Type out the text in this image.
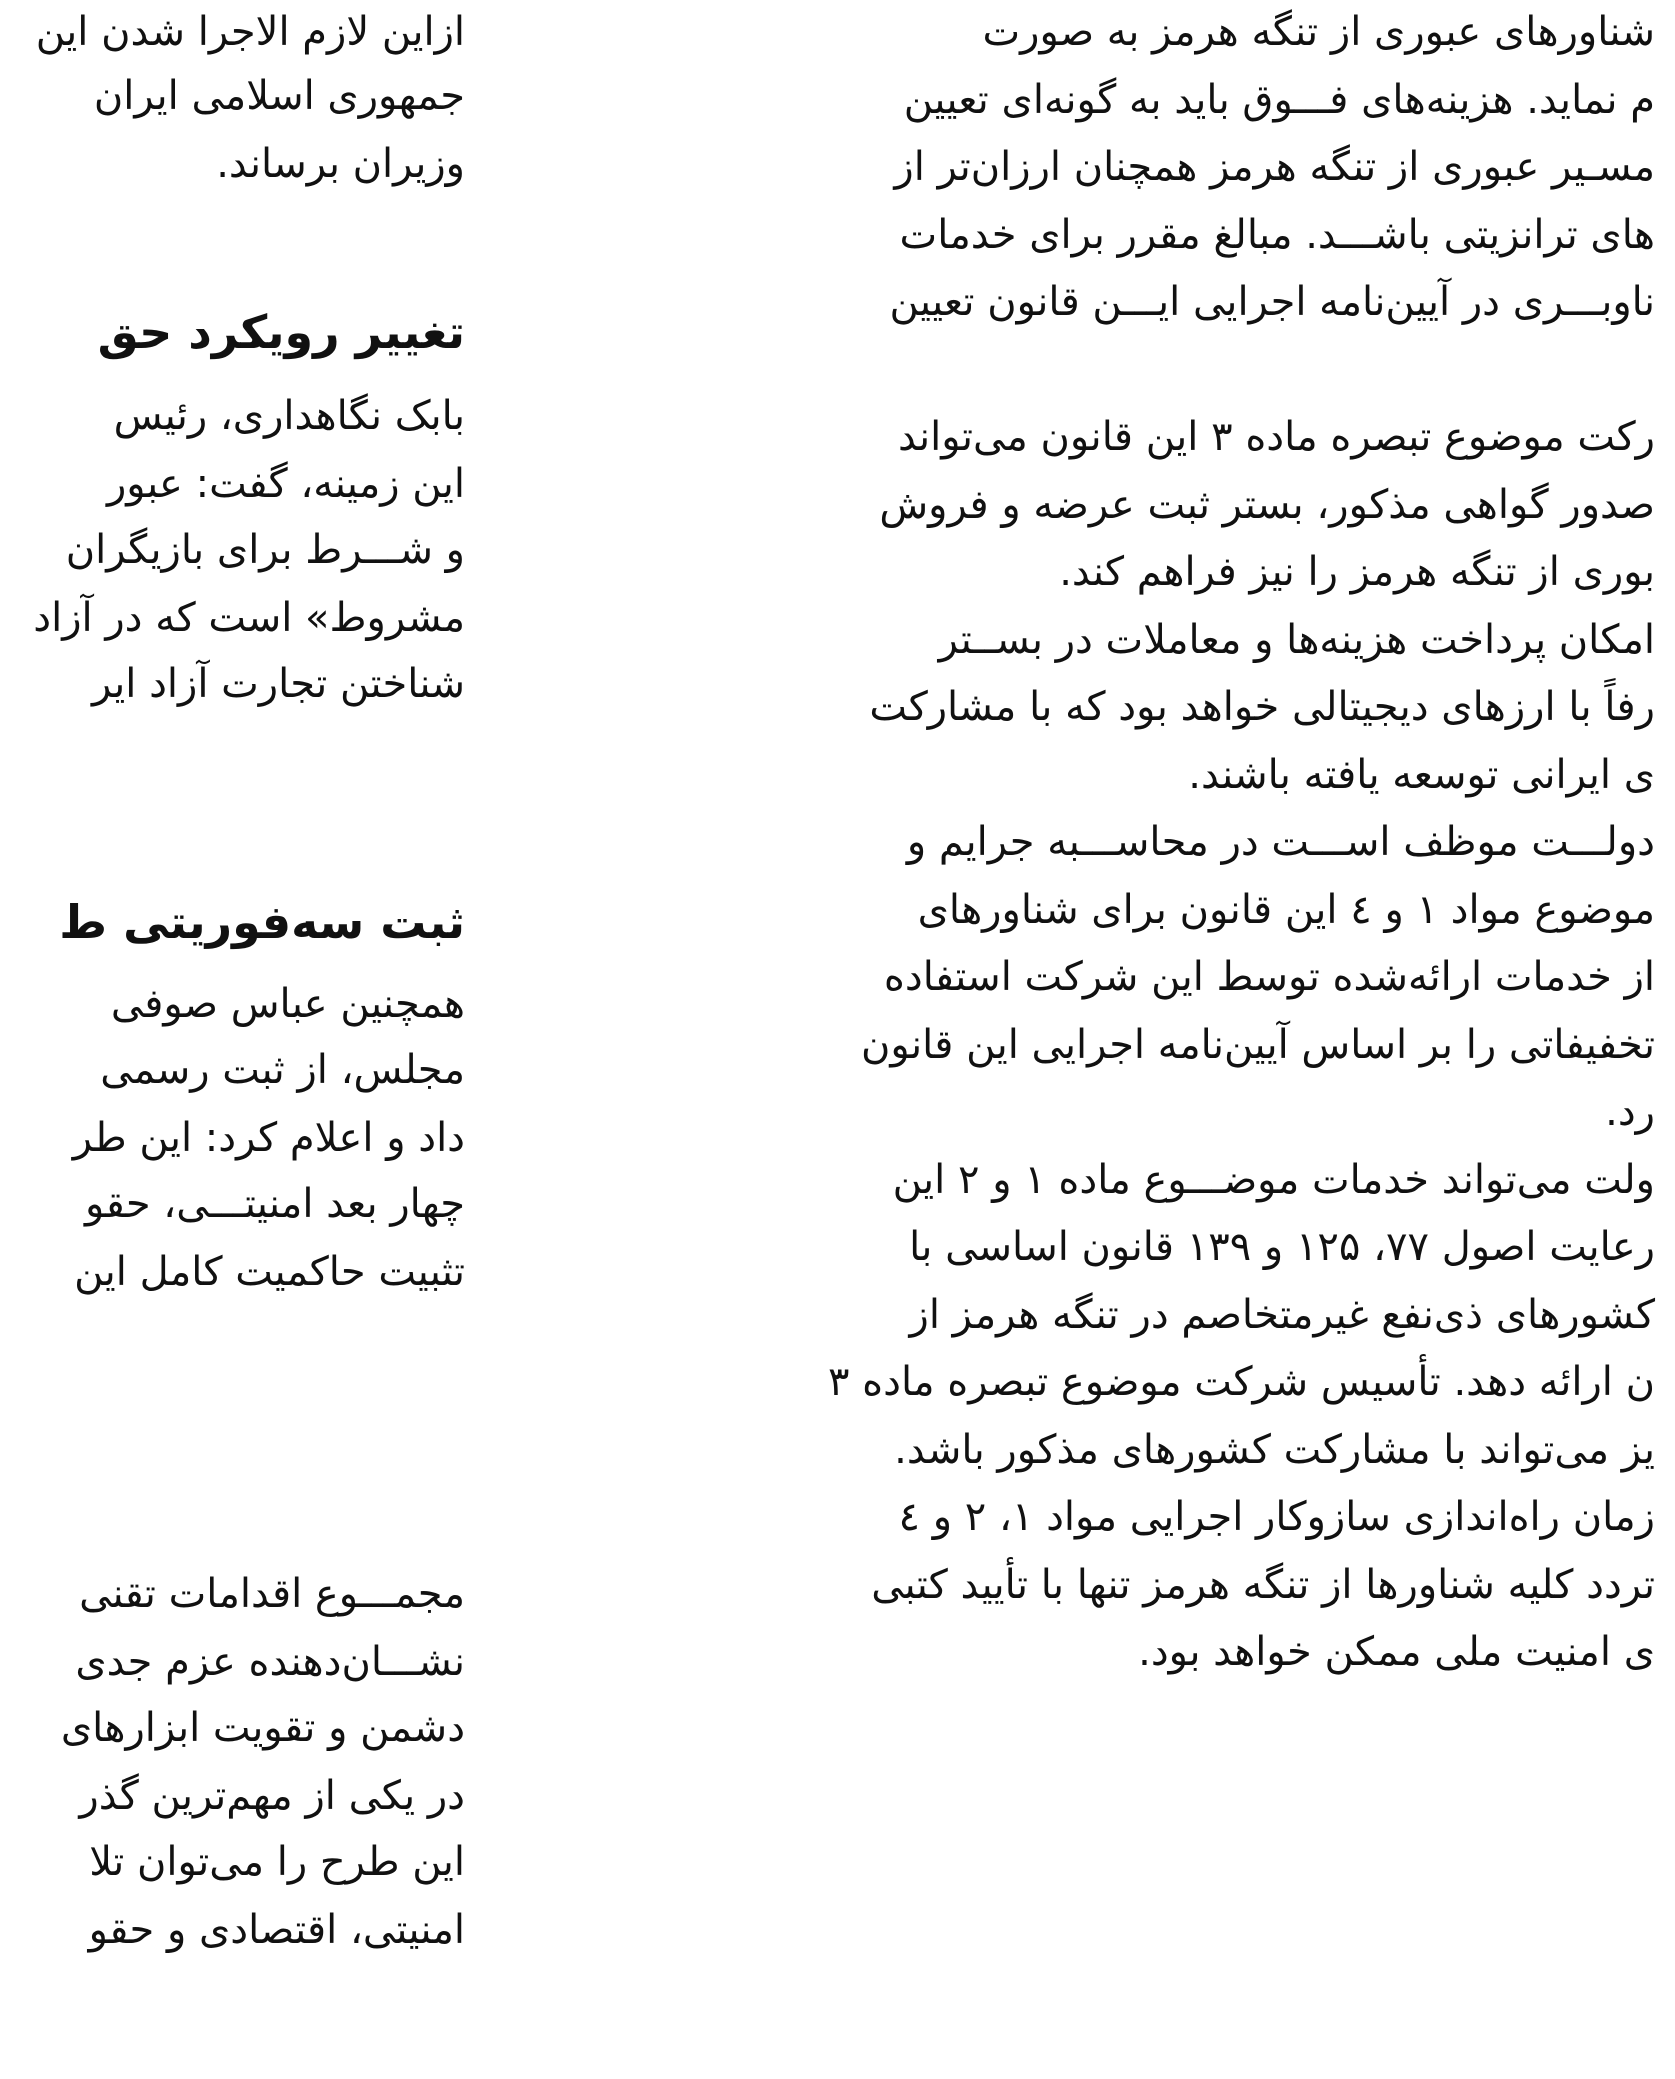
ازاین لازم الاجرا شدن این
جمهوری اسلامی ایران
وزیران برساند.
تغییر رویکرد حق
بابک نگاهداری، رئیس
این زمینه، گفت: عبور
و شـــرط برای بازیگران
مشروط» است که در آزاد
شناختن تجارت آزاد ایر
ثبت سه‌فوریتی ط
همچنین عباس صوفی
مجلس، از ثبت رسمی
داد و اعلام کرد: این طر
چهار بعد امنیتـــی، حقو
تثبیت حاکمیت کامل این
مجمـــوع اقدامات تقنی
نشـــان‌دهنده عزم جدی
دشمن و تقویت ابزارهای
در یکی از مهم‌ترین گذر
این طرح را می‌توان تلا
امنیتی، اقتصادی و حقو
شناورهای عبوری از تنگه هرمز به صورت
م نماید. هزینه‌های فـــوق باید به گونه‌ای تعیین
مسـیر عبوری از تنگه هرمز همچنان ارزان‌تر از
های ترانزیتی باشـــد. مبالغ مقرر برای خدمات
ناوبـــری در آیین‌نامه اجرایی ایـــن قانون تعیین
رکت موضوع تبصره ماده ۳ این قانون می‌تواند
صدور گواهی مذکور، بستر ثبت عرضه و فروش
بوری از تنگه هرمز را نیز فراهم کند.
امکان پرداخت هزینه‌ها و معاملات در بســتر
رفاً با ارزهای دیجیتالی خواهد بود که با مشارکت
ی ایرانی توسعه یافته باشند.
دولـــت موظف اســـت در محاســـبه جرایم و
موضوع مواد ۱ و ٤ این قانون برای شناورهای
از خدمات ارائه‌شده توسط این شرکت استفاده
تخفیفاتی را بر اساس آیین‌نامه اجرایی این قانون
رد.
ولت می‌تواند خدمات موضـــوع ماده ۱ و ۲ این
رعایت اصول ۷۷، ۱۲۵ و ۱۳۹ قانون اساسی با
کشورهای ذی‌نفع غیرمتخاصم در تنگه هرمز از
ن ارائه دهد. تأسیس شرکت موضوع تبصره ماده ۳
یز می‌تواند با مشارکت کشورهای مذکور باشد.
زمان راه‌اندازی سازوکار اجرایی مواد ۱، ۲ و ٤
تردد کلیه شناورها از تنگه هرمز تنها با تأیید کتبی
ی امنیت ملی ممکن خواهد بود.
